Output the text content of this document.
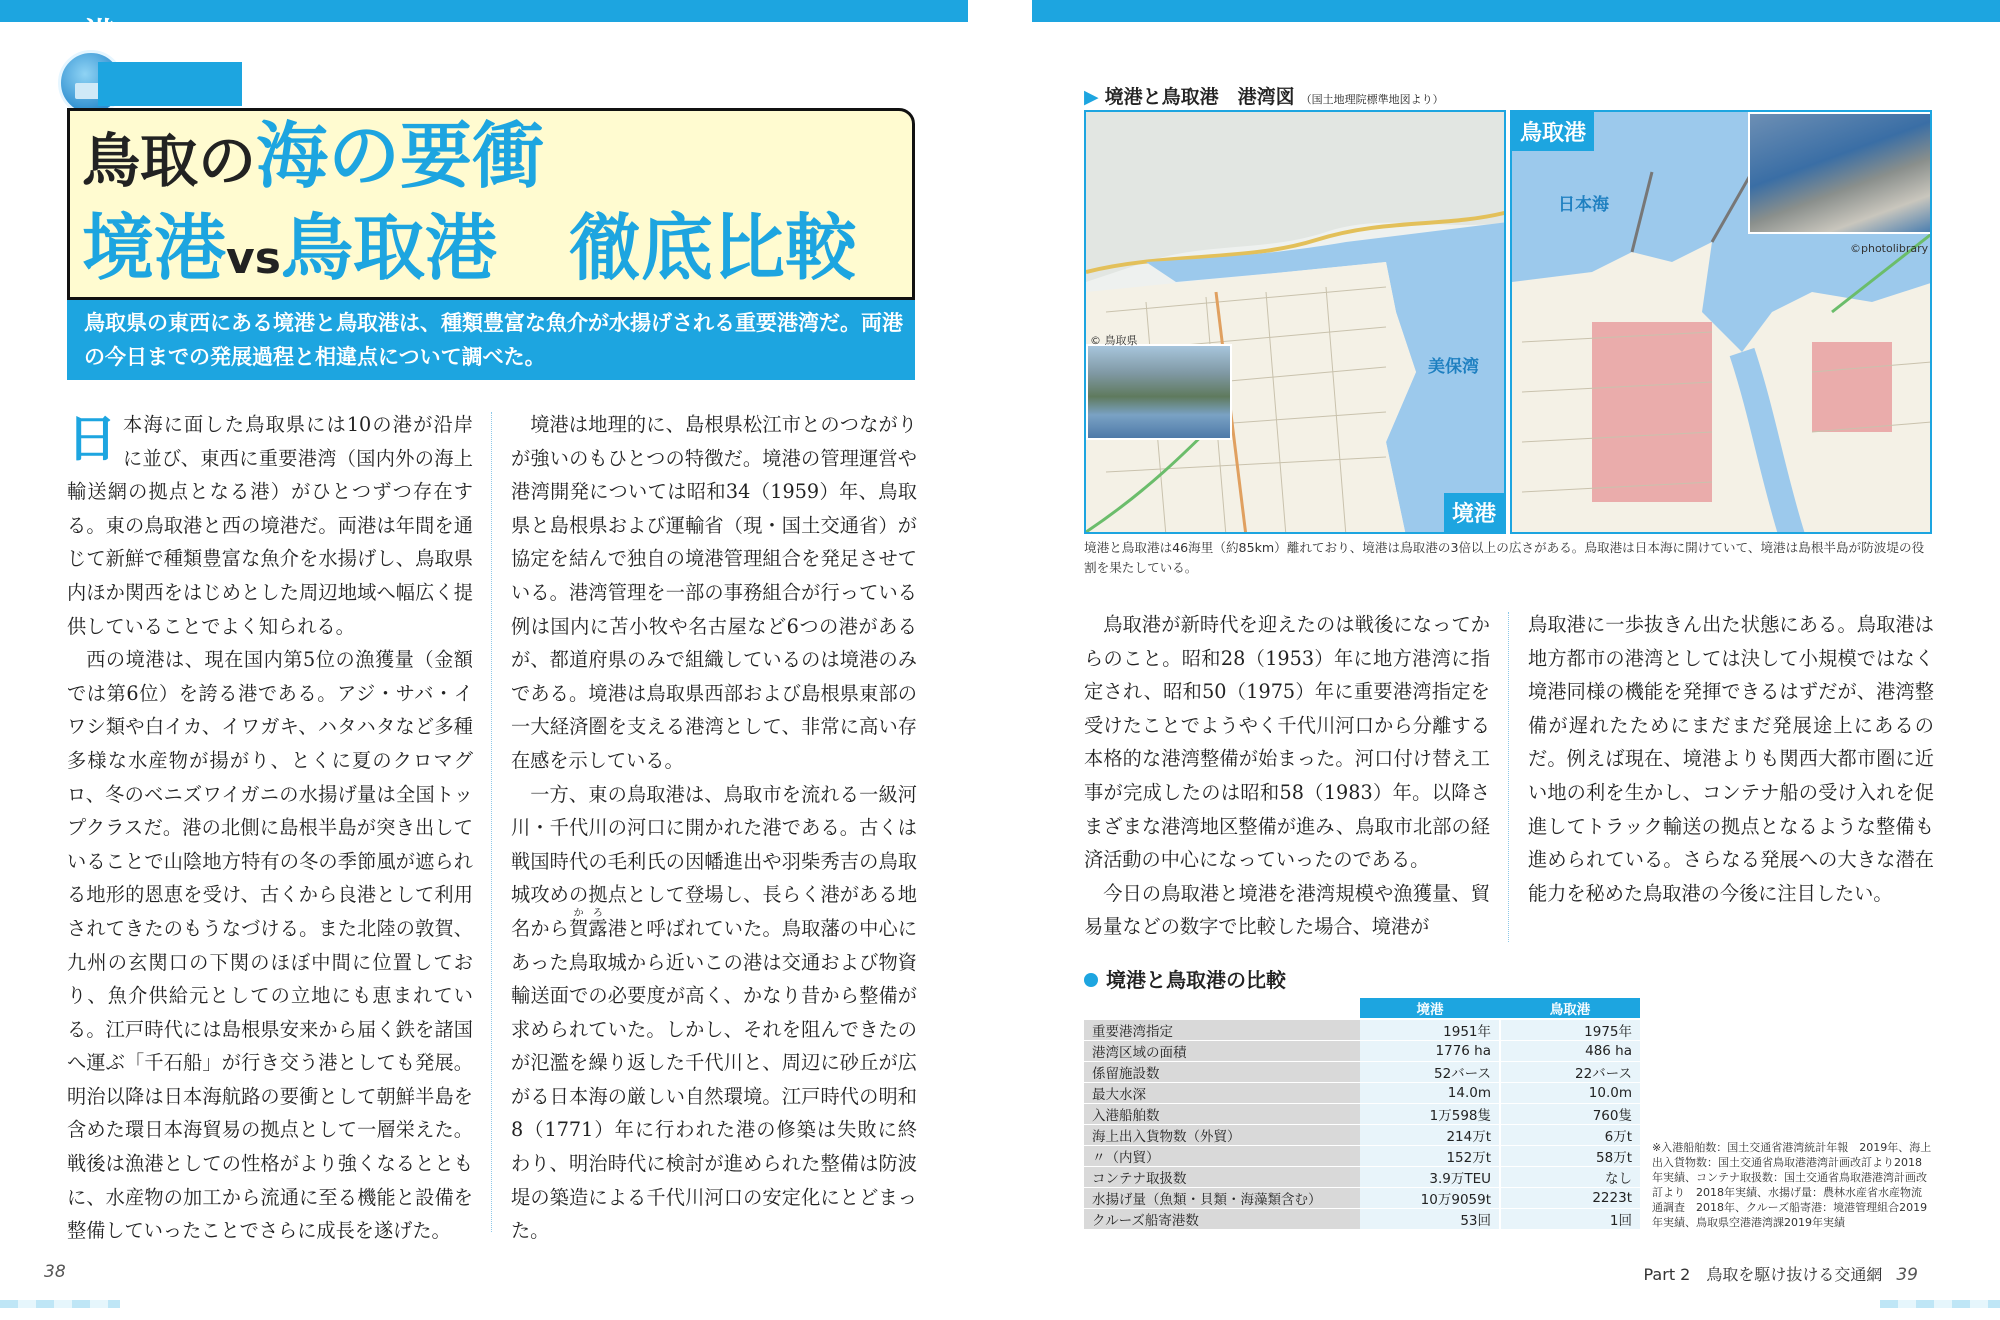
港
鳥取の海の要衝
境港vs鳥取港　徹底比較
鳥取県の東西にある境港と鳥取港は、種類豊富な魚介が水揚げされる重要港湾だ。両港の今日までの発展過程と相違点について調べた。
日 本海に面した鳥取県には10の港が沿岸に並び、東西に重要港湾（国内外の海上輸送網の拠点となる港）がひとつずつ存在する。東の鳥取港と西の境港だ。両港は年間を通じて新鮮で種類豊富な魚介を水揚げし、鳥取県内ほか関西をはじめとした周辺地域へ幅広く提供していることでよく知られる。

西の境港は、現在国内第5位の漁獲量（金額では第6位）を誇る港である。アジ・サバ・イワシ類や白イカ、イワガキ、ハタハタなど多種多様な水産物が揚がり、とくに夏のクロマグロ、冬のベニズワイガニの水揚げ量は全国トップクラスだ。港の北側に島根半島が突き出していることで山陰地方特有の冬の季節風が遮られる地形的恩恵を受け、古くから良港として利用されてきたのもうなづける。また北陸の敦賀、九州の玄関口の下関のほぼ中間に位置しており、魚介供給元としての立地にも恵まれている。江戸時代には島根県安来から届く鉄を諸国へ運ぶ「千石船」が行き交う港としても発展。明治以降は日本海航路の要衝として朝鮮半島を含めた環日本海貿易の拠点として一層栄えた。戦後は漁港としての性格がより強くなるとともに、水産物の加工から流通に至る機能と設備を整備していったことでさらに成長を遂げた。

境港は地理的に、島根県松江市とのつながりが強いのもひとつの特徴だ。境港の管理運営や港湾開発については昭和34（1959）年、鳥取県と島根県および運輸省（現・国土交通省）が協定を結んで独自の境港管理組合を発足させている。港湾管理を一部の事務組合が行っている例は国内に苫小牧や名古屋など6つの港があるが、都道府県のみで組織しているのは境港のみである。境港は鳥取県西部および島根県東部の一大経済圏を支える港湾として、非常に高い存在感を示している。

一方、東の鳥取港は、鳥取市を流れる一級河川・千代川の河口に開かれた港である。古くは戦国時代の毛利氏の因幡進出や羽柴秀吉の鳥取城攻めの拠点として登場し、長らく港がある地名から賀露かろ港と呼ばれていた。鳥取藩の中心にあった鳥取城から近いこの港は交通および物資輸送面での必要度が高く、かなり昔から整備が求められていた。しかし、それを阻んできたのが氾濫を繰り返した千代川と、周辺に砂丘が広がる日本海の厳しい自然環境。江戸時代の明和8（1771）年に行われた港の修築は失敗に終わり、明治時代に検討が進められた整備は防波堤の築造による千代川河口の安定化にとどまった。

▶ 境港と鳥取港　港湾図 （国土地理院標準地図より）
© 鳥取県
美保湾
境港
©photolibrary
日本海
鳥取港
境港と鳥取港は46海里（約85km）離れており、境港は鳥取港の3倍以上の広さがある。鳥取港は日本海に開けていて、境港は島根半島が防波堤の役割を果たしている。

鳥取港が新時代を迎えたのは戦後になってからのこと。昭和28（1953）年に地方港湾に指定され、昭和50（1975）年に重要港湾指定を受けたことでようやく千代川河口から分離する本格的な港湾整備が始まった。河口付け替え工事が完成したのは昭和58（1983）年。以降さまざまな港湾地区整備が進み、鳥取市北部の経済活動の中心になっていったのである。

今日の鳥取港と境港を港湾規模や漁獲量、貿易量などの数字で比較した場合、境港が

鳥取港に一歩抜きん出た状態にある。鳥取港は地方都市の港湾としては決して小規模ではなく境港同様の機能を発揮できるはずだが、港湾整備が遅れたためにまだまだ発展途上にあるのだ。例えば現在、境港よりも関西大都市圏に近い地の利を生かし、コンテナ船の受け入れを促進してトラック輸送の拠点となるような整備も進められている。さらなる発展への大きな潜在能力を秘めた鳥取港の今後に注目したい。

境港と鳥取港の比較
	境港	鳥取港
重要港湾指定	1951年	1975年
港湾区域の面積	1776 ha	486 ha
係留施設数	52バース	22バース
最大水深	14.0m	10.0m
入港船舶数	1万598隻	760隻
海上出入貨物数（外貿）	214万t	6万t
〃（内貿）	152万t	58万t
コンテナ取扱数	3.9万TEU	なし
水揚げ量（魚類・貝類・海藻類含む）	10万9059t	2223t
クルーズ船寄港数	53回	1回
※入港船舶数：国土交通省港湾統計年報　2019年、海上出入貨物数：国土交通省鳥取港港湾計画改訂より2018年実績、コンテナ取扱数：国土交通省鳥取港港湾計画改訂より　2018年実績、水揚げ量：農林水産省水産物流通調査　2018年、クルーズ船寄港：境港管理組合2019年実績、鳥取県空港港湾課2019年実績
38	Part 2　鳥取を駆け抜ける交通網 39
